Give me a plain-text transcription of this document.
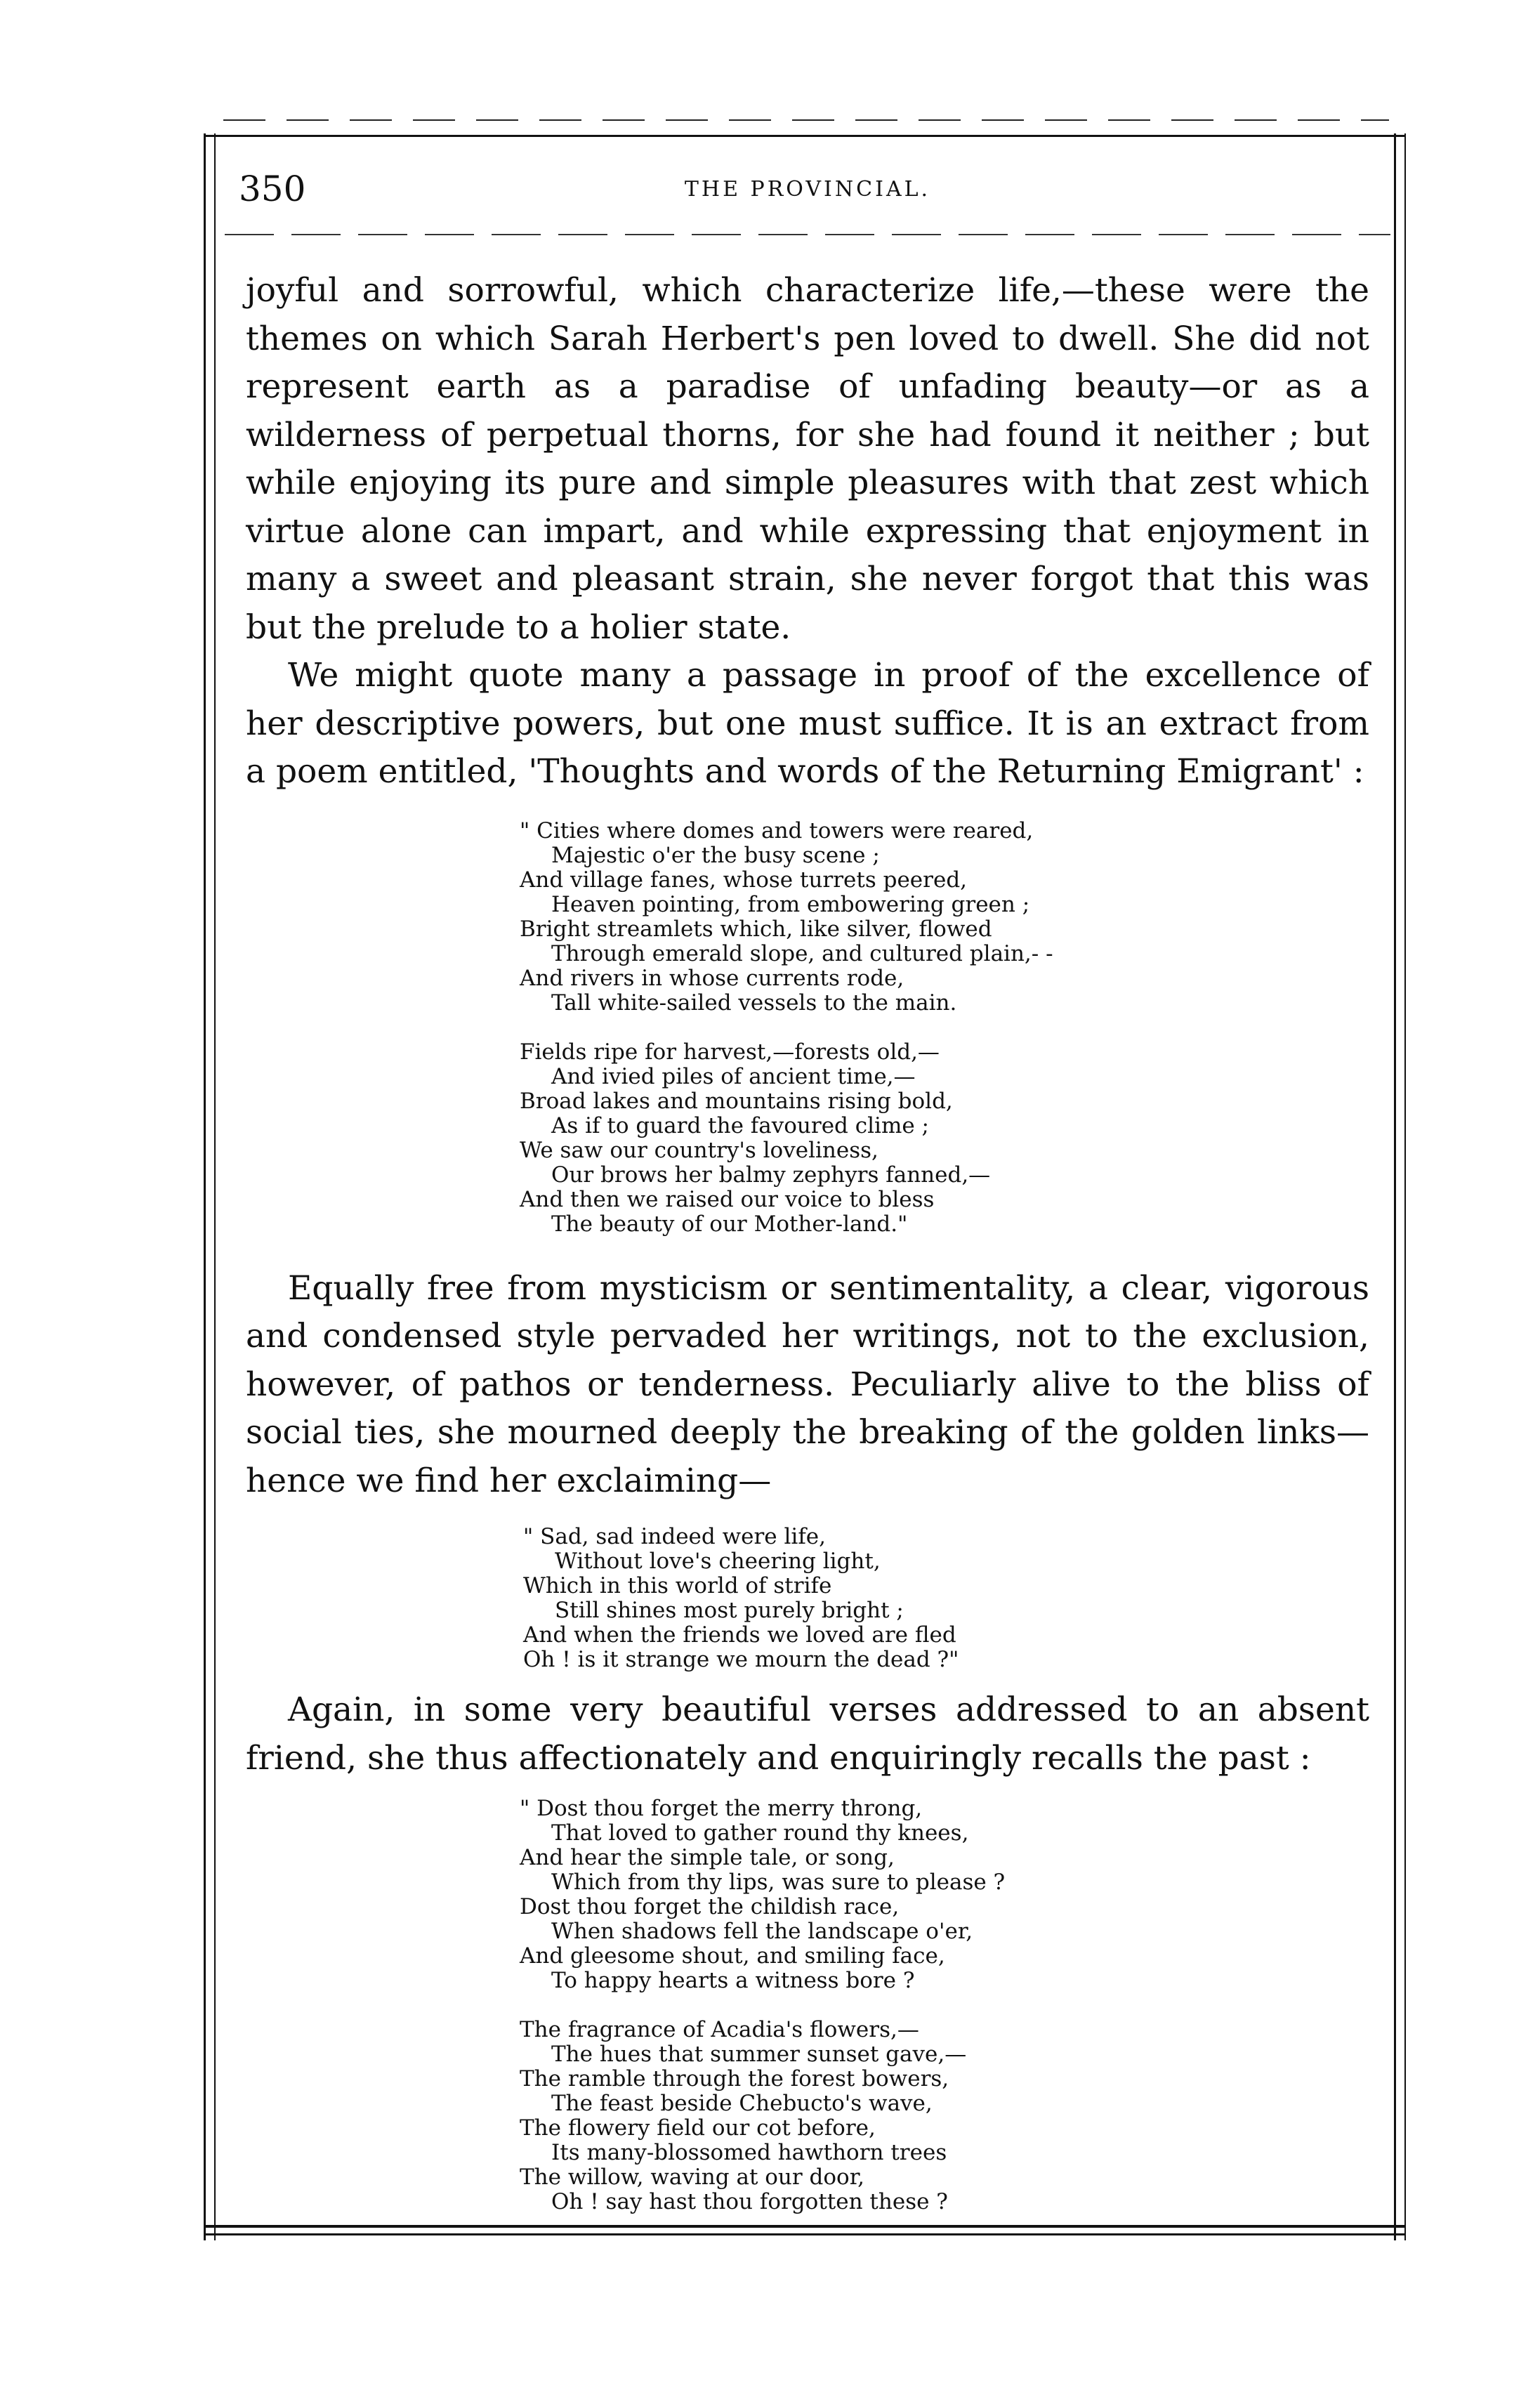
350	THE PROVINCIAL.

joyful and sorrowful, which characterize life,—these were the themes on which Sarah Herbert's pen loved to dwell. She did not represent earth as a paradise of unfading beauty—or as a wilderness of perpetual thorns, for she had found it neither ; but while enjoying its pure and simple pleasures with that zest which virtue alone can impart, and while expressing that enjoyment in many a sweet and pleasant strain, she never forgot that this was but the prelude to a holier state.

We might quote many a passage in proof of the excellence of her descriptive powers, but one must suffice. It is an extract from a poem entitled, 'Thoughts and words of the Returning Emigrant' :

" Cities where domes and towers were reared,
Majestic o'er the busy scene ;
And village fanes, whose turrets peered,
Heaven pointing, from embowering green ;
Bright streamlets which, like silver, flowed
Through emerald slope, and cultured plain,- -
And rivers in whose currents rode,
Tall white-sailed vessels to the main.
Fields ripe for harvest,—forests old,—
And ivied piles of ancient time,—
Broad lakes and mountains rising bold,
As if to guard the favoured clime ;
We saw our country's loveliness,
Our brows her balmy zephyrs fanned,—
And then we raised our voice to bless
The beauty of our Mother-land."

Equally free from mysticism or sentimentality, a clear, vigorous and condensed style pervaded her writings, not to the exclusion, however, of pathos or tenderness. Peculiarly alive to the bliss of social ties, she mourned deeply the breaking of the golden links—hence we find her exclaiming—

" Sad, sad indeed were life,
Without love's cheering light,
Which in this world of strife
Still shines most purely bright ;
And when the friends we loved are fled
Oh ! is it strange we mourn the dead ?"

Again, in some very beautiful verses addressed to an absent friend, she thus affectionately and enquiringly recalls the past :

" Dost thou forget the merry throng,
That loved to gather round thy knees,
And hear the simple tale, or song,
Which from thy lips, was sure to please ?
Dost thou forget the childish race,
When shadows fell the landscape o'er,
And gleesome shout, and smiling face,
To happy hearts a witness bore ?
The fragrance of Acadia's flowers,—
The hues that summer sunset gave,—
The ramble through the forest bowers,
The feast beside Chebucto's wave,
The flowery field our cot before,
Its many-blossomed hawthorn trees
The willow, waving at our door,
Oh ! say hast thou forgotten these ?
